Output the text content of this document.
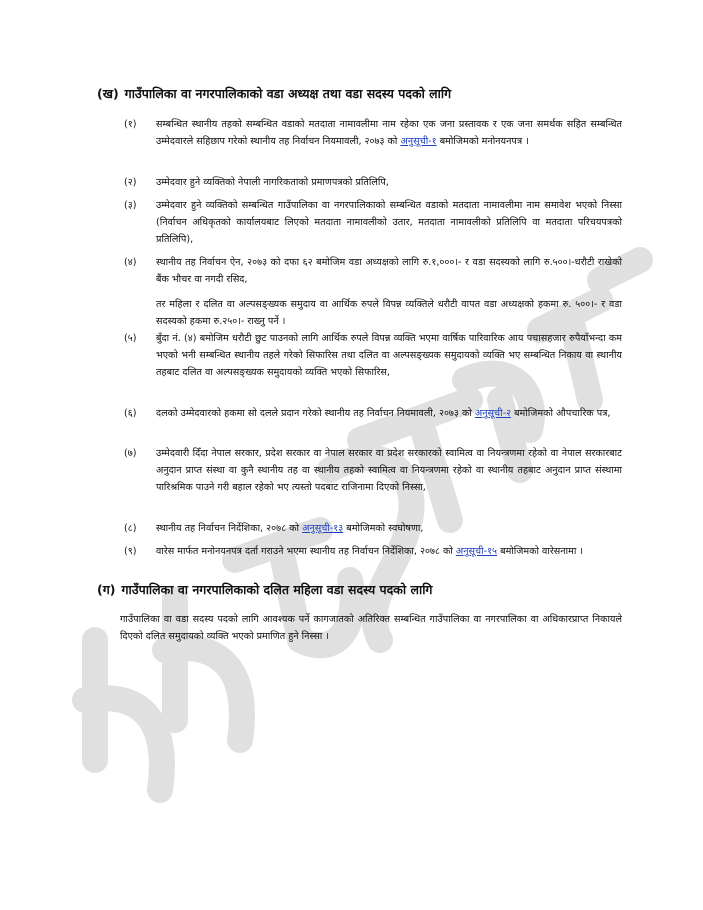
(ख) गाउँपालिका वा नगरपालिकाको वडा अध्यक्ष तथा वडा सदस्य पदको लागि
(१)	सम्बन्धित स्थानीय तहको सम्बन्धित वडाको मतदाता नामावलीमा नाम रहेका एक जना प्रस्तावक र एक जना समर्थक सहित सम्बन्धित उम्मेदवारले सहिछाप गरेको स्थानीय तह निर्वाचन नियमावली, २०७३ को अनुसूची-१ बमोजिमको मनोनयनपत्र ।
(२)	उम्मेदवार हुने व्यक्तिको नेपाली नागरिकताको प्रमाणपत्रको प्रतिलिपि,
(३)	उम्मेदवार हुने व्यक्तिको सम्बन्धित गाउँपालिका वा नगरपालिकाको सम्बन्धित वडाको मतदाता नामावलीमा नाम समावेश भएको निस्सा (निर्वाचन अधिकृतको कार्यालयबाट लिएको मतदाता नामावलीको उतार, मतदाता नामावलीको प्रतिलिपि वा मतदाता परिचयपत्रको प्रतिलिपि),
(४)	स्थानीय तह निर्वाचन ऐन, २०७३ को दफा ६२ बमोजिम वडा अध्यक्षको लागि रु.१,०००।- र वडा सदस्यको लागि रु.५००।-धरौटी राखेको बैंक भौचर वा नगदी रसिद,
तर महिला र दलित वा अल्पसङ्ख्यक समुदाय वा आर्थिक रुपले विपन्न व्यक्तिले धरौटी वापत वडा अध्यक्षको हकमा रु. ५००।- र वडा सदस्यको हकमा रु.२५०।- राख्नु पर्ने ।
(५)	बुँदा नं. (४) बमोजिम धरौटी छुट पाउनको लागि आर्थिक रुपले विपन्न व्यक्ति भएमा वार्षिक पारिवारिक आय पचासहजार रुपैयाँभन्दा कम भएको भनी सम्बन्धित स्थानीय तहले गरेको सिफारिस तथा दलित वा अल्पसङ्ख्यक समुदायको व्यक्ति भए सम्बन्धित निकाय वा स्थानीय तहबाट दलित वा अल्पसङ्ख्यक समुदायको व्यक्ति भएको सिफारिस,
(६)	दलको उम्मेदवारको हकमा सो दलले प्रदान गरेको स्थानीय तह निर्वाचन नियमावली, २०७३ को अनुसूची-२ बमोजिमको औपचारिक पत्र,
(७)	उम्मेदवारी दिँदा नेपाल सरकार, प्रदेश सरकार वा नेपाल सरकार वा प्रदेश सरकारको स्वामित्व वा नियन्त्रणमा रहेको वा नेपाल सरकारबाट अनुदान प्राप्त संस्था वा कुनै स्थानीय तह वा स्थानीय तहको स्वामित्व वा नियन्त्रणमा रहेको वा स्थानीय तहबाट अनुदान प्राप्त संस्थामा पारिश्रमिक पाउने गरी बहाल रहेको भए त्यस्तो पदबाट राजिनामा दिएको निस्सा,
(८)	स्थानीय तह निर्वाचन निर्देशिका, २०७८ को अनुसूची-१३ बमोजिमको स्वघोषणा,
(९)	वारेस मार्फत मनोनयनपत्र दर्ता गराउने भएमा स्थानीय तह निर्वाचन निर्देशिका, २०७८ को अनुसूची-१५ बमोजिमको वारेसनामा ।
(ग) गाउँपालिका वा नगरपालिकाको दलित महिला वडा सदस्य पदको लागि
गाउँपालिका वा वडा सदस्य पदको लागि आवश्यक पर्ने कागजातको अतिरिक्त सम्बन्धित गाउँपालिका वा नगरपालिका वा अधिकारप्राप्त निकायले दिएको दलित समुदायको व्यक्ति भएको प्रमाणित हुने निस्सा ।
